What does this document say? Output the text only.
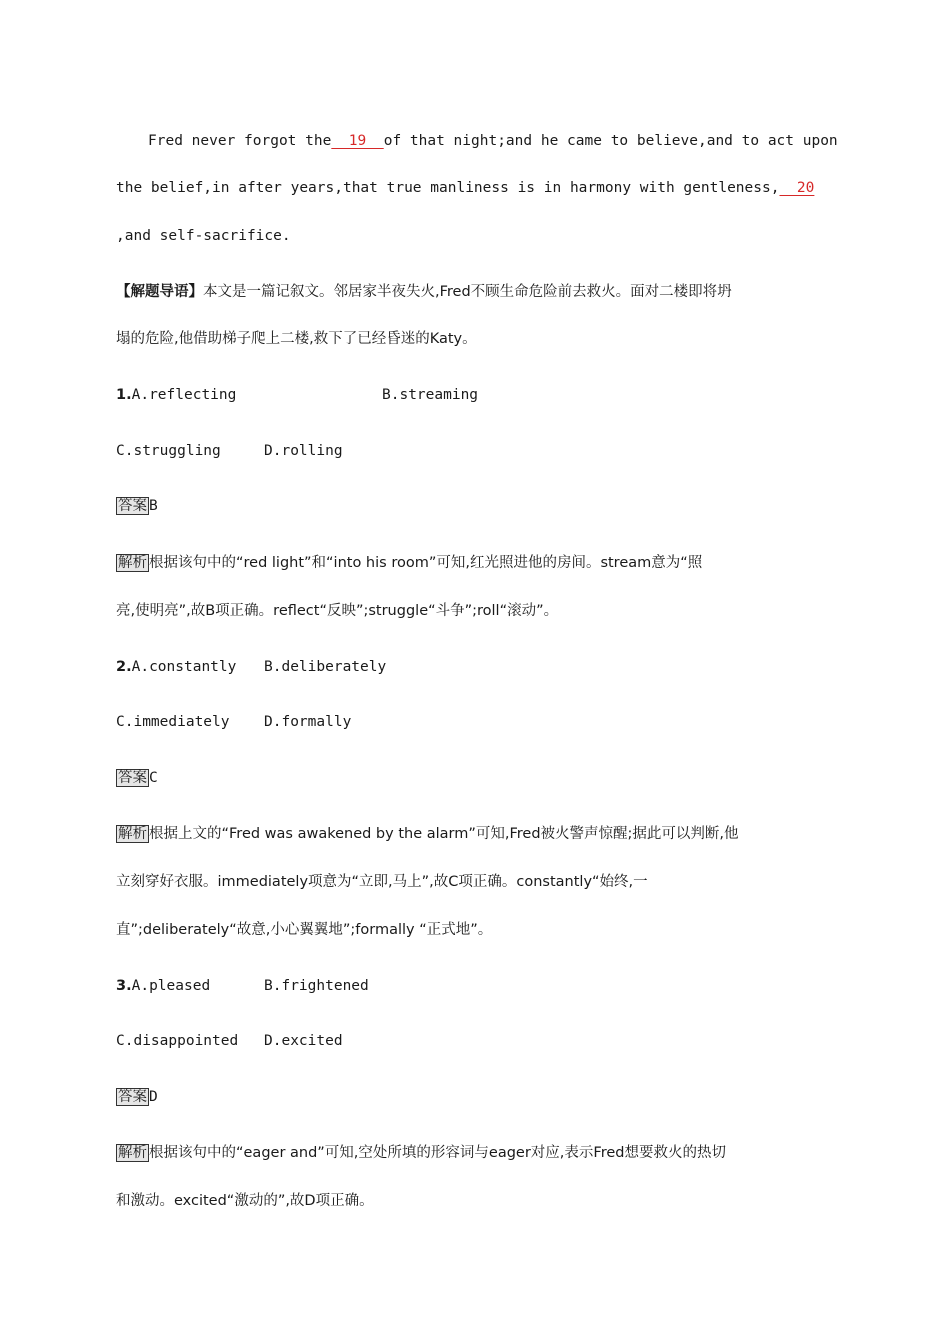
Fred never forgot the  19  of that night;and he came to believe,and to act upon
the belief,in after years,that true manliness is in harmony with gentleness,  20
,and self-sacrifice.
【解题导语】本文是一篇记叙文。邻居家半夜失火,Fred不顾生命危险前去救火。面对二楼即将坍
塌的危险,他借助梯子爬上二楼,救下了已经昏迷的Katy。
1.A.reflecting	B.streaming
C.struggling	D.rolling
答案 B
解析 根据该句中的“red light”和“into his room”可知,红光照进他的房间。stream意为“照
亮,使明亮”,故B项正确。reflect“反映”;struggle“斗争”;roll“滚动”。
2.A.constantly B.deliberately
C.immediately D.formally
答案 C
解析 根据上文的“Fred was awakened by the alarm”可知,Fred被火警声惊醒;据此可以判断,他
立刻穿好衣服。immediately项意为“立即,马上”,故C项正确。constantly“始终,一
直”;deliberately“故意,小心翼翼地”;formally “正式地”。
3.A.pleased	B.frightened
C.disappointed D.excited
答案 D
解析 根据该句中的“eager and”可知,空处所填的形容词与eager对应,表示Fred想要救火的热切
和激动。excited“激动的”,故D项正确。
